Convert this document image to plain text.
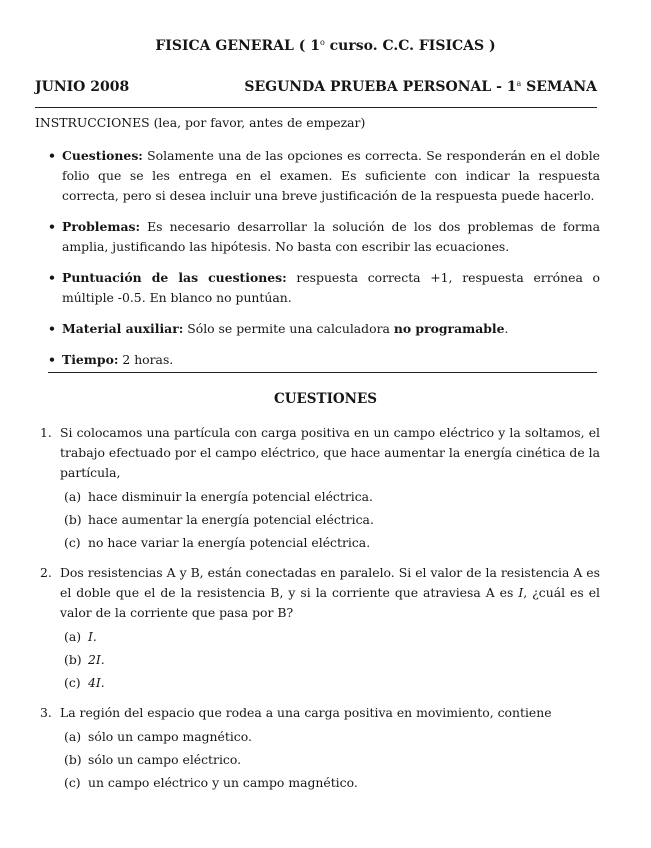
FISICA GENERAL ( 1$^o$ curso. C.C. FISICAS )
JUNIO 2008	SEGUNDA PRUEBA PERSONAL - 1$^a$ SEMANA
INSTRUCCIONES (lea, por favor, antes de empezar)
• Cuestiones: Solamente una de las opciones es correcta. Se responderán en el doble folio que se les entrega en el examen. Es suficiente con indicar la respuesta correcta, pero si desea incluir una breve justificación de la respuesta puede hacerlo.
• Problemas: Es necesario desarrollar la solución de los dos problemas de forma amplia, justificando las hipótesis. No basta con escribir las ecuaciones.
• Puntuación de las cuestiones: respuesta correcta +1, respuesta errónea o múltiple -0.5. En blanco no puntúan.
• Material auxiliar: Sólo se permite una calculadora no programable.
• Tiempo: 2 horas.
CUESTIONES
1. Si colocamos una partícula con carga positiva en un campo eléctrico y la soltamos, el trabajo efectuado por el campo eléctrico, que hace aumentar la energía cinética de la partícula,
(a) hace disminuir la energía potencial eléctrica.
(b) hace aumentar la energía potencial eléctrica.
(c) no hace variar la energía potencial eléctrica.
2. Dos resistencias A y B, están conectadas en paralelo. Si el valor de la resistencia A es el doble que el de la resistencia B, y si la corriente que atraviesa A es I, ¿cuál es el valor de la corriente que pasa por B?
(a) I.
(b) 2I.
(c) 4I.
3. La región del espacio que rodea a una carga positiva en movimiento, contiene
(a) sólo un campo magnético.
(b) sólo un campo eléctrico.
(c) un campo eléctrico y un campo magnético.
